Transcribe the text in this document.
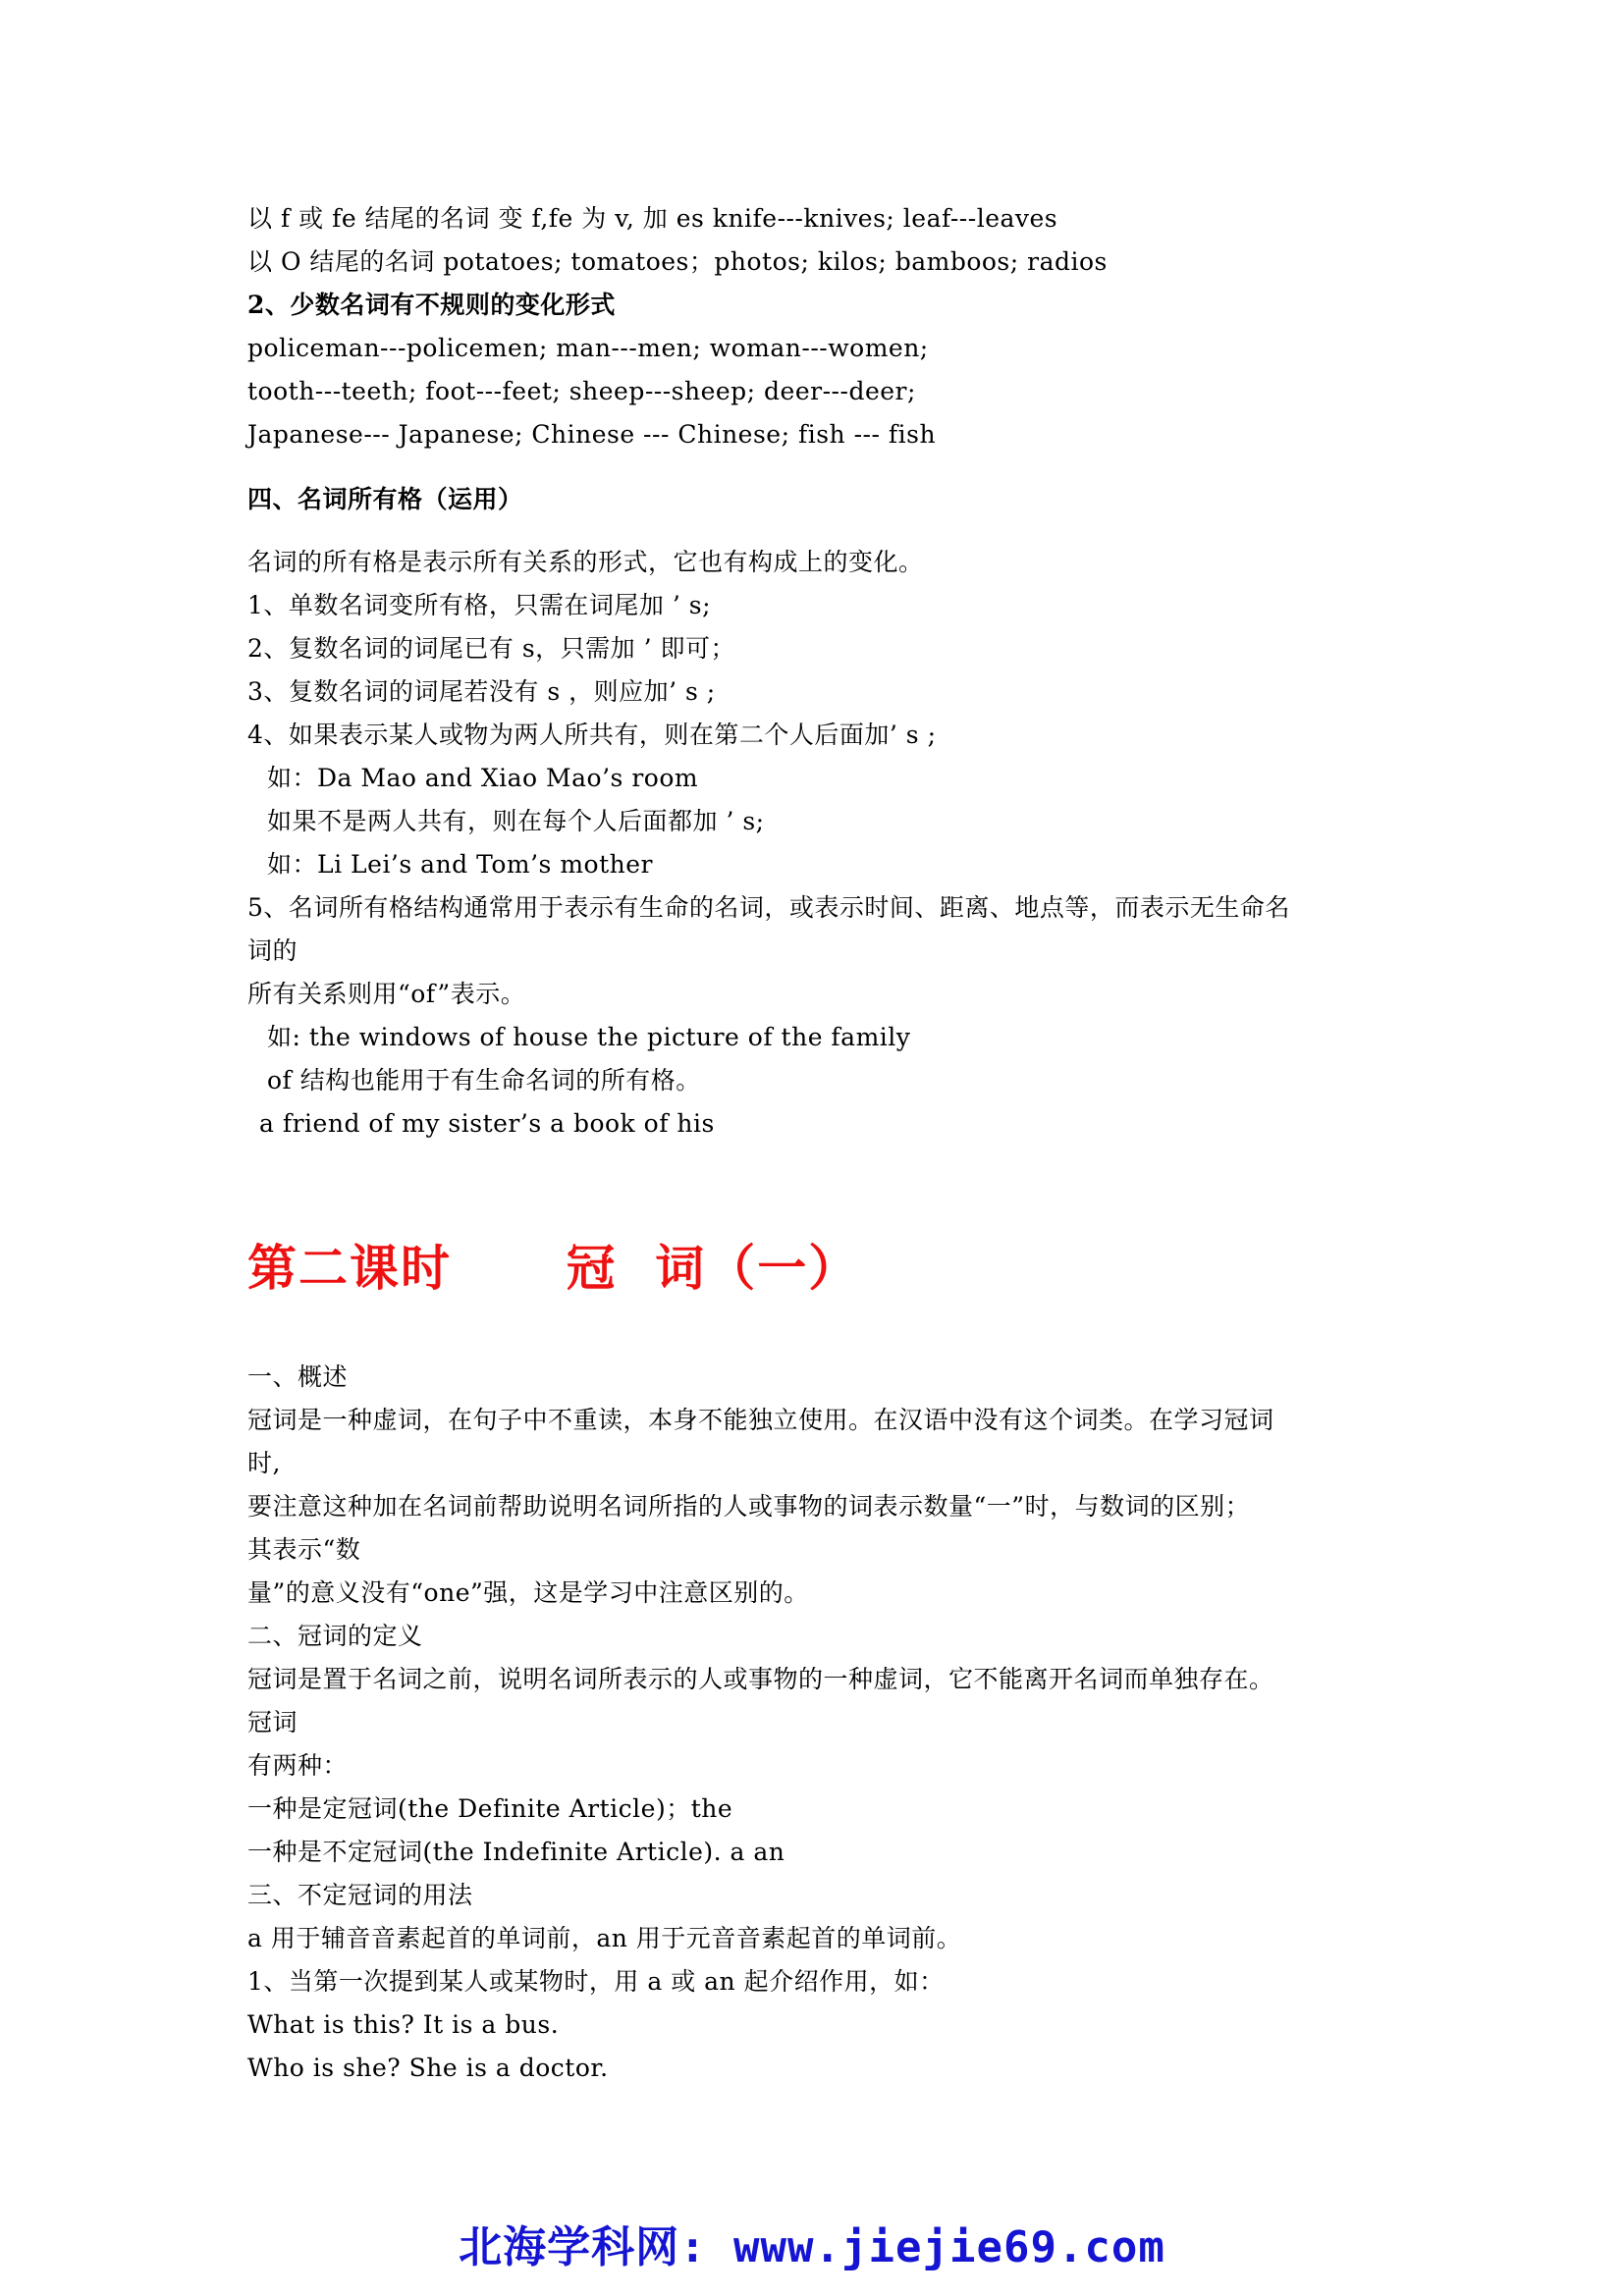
以 f 或 fe 结尾的名词 变 f,fe 为 v, 加 es knife---knives; leaf---leaves
以 O 结尾的名词 potatoes; tomatoes；photos; kilos; bamboos; radios
2、少数名词有不规则的变化形式
policeman---policemen; man---men; woman---women;
tooth---teeth; foot---feet; sheep---sheep; deer---deer;
Japanese--- Japanese; Chinese --- Chinese; fish --- fish
四、名词所有格（运用）
名词的所有格是表示所有关系的形式，它也有构成上的变化。
1、单数名词变所有格，只需在词尾加 ’ s;
2、复数名词的词尾已有 s，只需加 ’ 即可；
3、复数名词的词尾若没有 s ，则应加’ s ;
4、如果表示某人或物为两人所共有，则在第二个人后面加’ s ;
如：Da Mao and Xiao Mao’s room
如果不是两人共有，则在每个人后面都加 ’ s;
如：Li Lei’s and Tom’s mother
5、名词所有格结构通常用于表示有生命的名词，或表示时间、距离、地点等，而表示无生命名
词的
所有关系则用“of”表示。
如: the windows of house the picture of the family
of 结构也能用于有生命名词的所有格。
a friend of my sister’s a book of his
第二课时      冠  词（一）
一、概述
冠词是一种虚词，在句子中不重读，本身不能独立使用。在汉语中没有这个词类。在学习冠词
时,
要注意这种加在名词前帮助说明名词所指的人或事物的词表示数量“一”时，与数词的区别；
其表示“数
量”的意义没有“one”强，这是学习中注意区别的。
二、冠词的定义
冠词是置于名词之前，说明名词所表示的人或事物的一种虚词，它不能离开名词而单独存在。
冠词
有两种：
一种是定冠词(the Definite Article)；the
一种是不定冠词(the Indefinite Article). a an
三、不定冠词的用法
a 用于辅音音素起首的单词前，an 用于元音音素起首的单词前。
1、当第一次提到某人或某物时，用 a 或 an 起介绍作用，如：
What is this? It is a bus.
Who is she? She is a doctor.
北海学科网: www.jiejie69.com
